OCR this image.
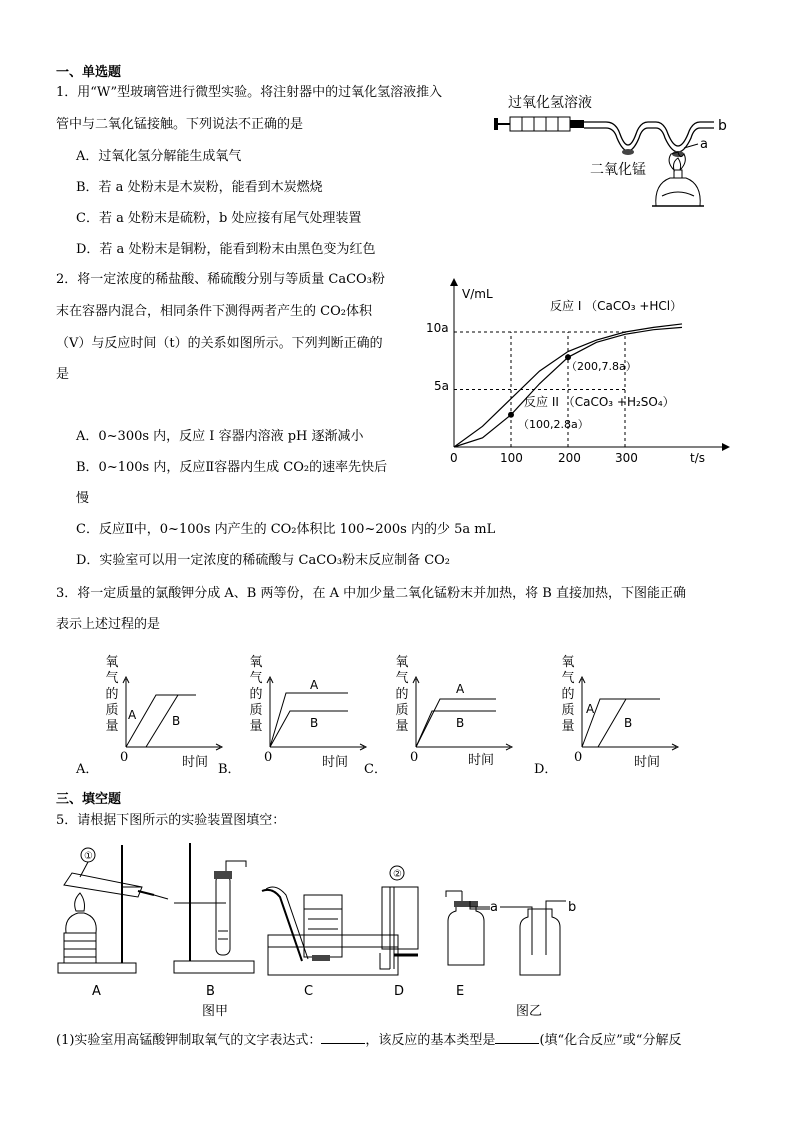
一、单选题
1．用“W”型玻璃管进行微型实验。将注射器中的过氧化氢溶液推入
管中与二氧化锰接触。下列说法不正确的是
A．过氧化氢分解能生成氧气
B．若 a 处粉末是木炭粉，能看到木炭燃烧
C．若 a 处粉末是硫粉，b 处应接有尾气处理装置
D．若 a 处粉末是铜粉，能看到粉末由黑色变为红色
过氧化氢溶液
b
a
二氧化锰
2．将一定浓度的稀盐酸、稀硫酸分别与等质量 CaCO₃粉
末在容器内混合，相同条件下测得两者产生的 CO₂体积
（V）与反应时间（t）的关系如图所示。下列判断正确的
是
A．0~300s 内，反应 I 容器内溶液 pH 逐渐减小
B．0~100s 内，反应Ⅱ容器内生成 CO₂的速率先快后
慢
C．反应Ⅱ中，0~100s 内产生的 CO₂体积比 100~200s 内的少 5a mL
D．实验室可以用一定浓度的稀硫酸与 CaCO₃粉末反应制备 CO₂
V/mL
t/s
10a
5a
0	100	200	300
反应 I （CaCO₃ +HCl）
反应 II （CaCO₃ +H₂SO₄）
（200,7.8a）
（100,2.8a）
3．将一定质量的氯酸钾分成 A、B 两等份，在 A 中加少量二氧化锰粉末并加热，将 B 直接加热，下图能正确
表示上述过程的是
氧气的质量
A	B
0	时间
A．
氧气的质量
A
B
0	时间
B．
氧气的质量
A
B
0	时间
C．
氧气的质量
A
B
0	时间
D．
三、填空题
5．请根据下图所示的实验装置图填空：
①
②
a	b
A	B	C	D	E
图甲	图乙
(1)实验室用高锰酸钾制取氧气的文字表达式：	，该反应的基本类型是	(填“化合反应”或“分解反
